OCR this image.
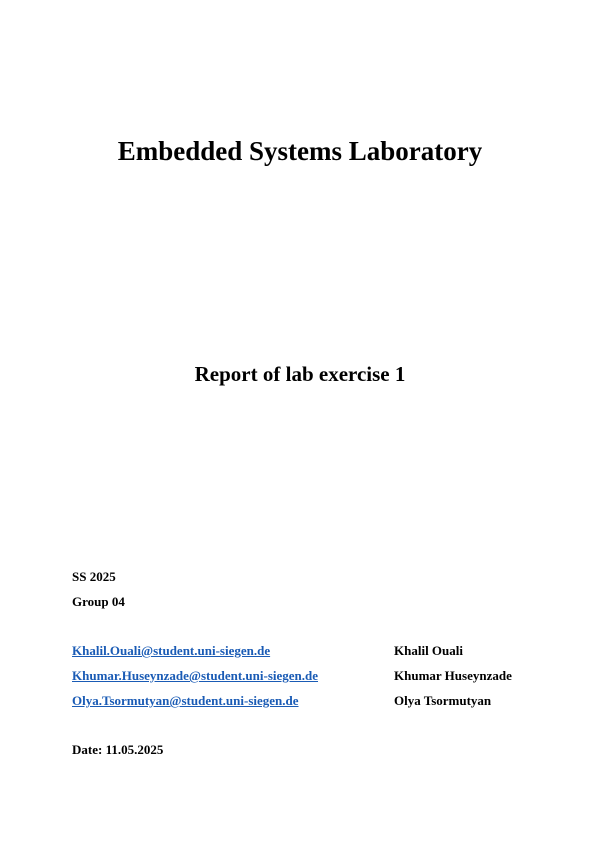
Embedded Systems Laboratory
Report of lab exercise 1
SS 2025
Group 04
Khalil.Ouali@student.uni-siegen.de	Khalil Ouali
Khumar.Huseynzade@student.uni-siegen.de	Khumar Huseynzade
Olya.Tsormutyan@student.uni-siegen.de	Olya Tsormutyan
Date: 11.05.2025
